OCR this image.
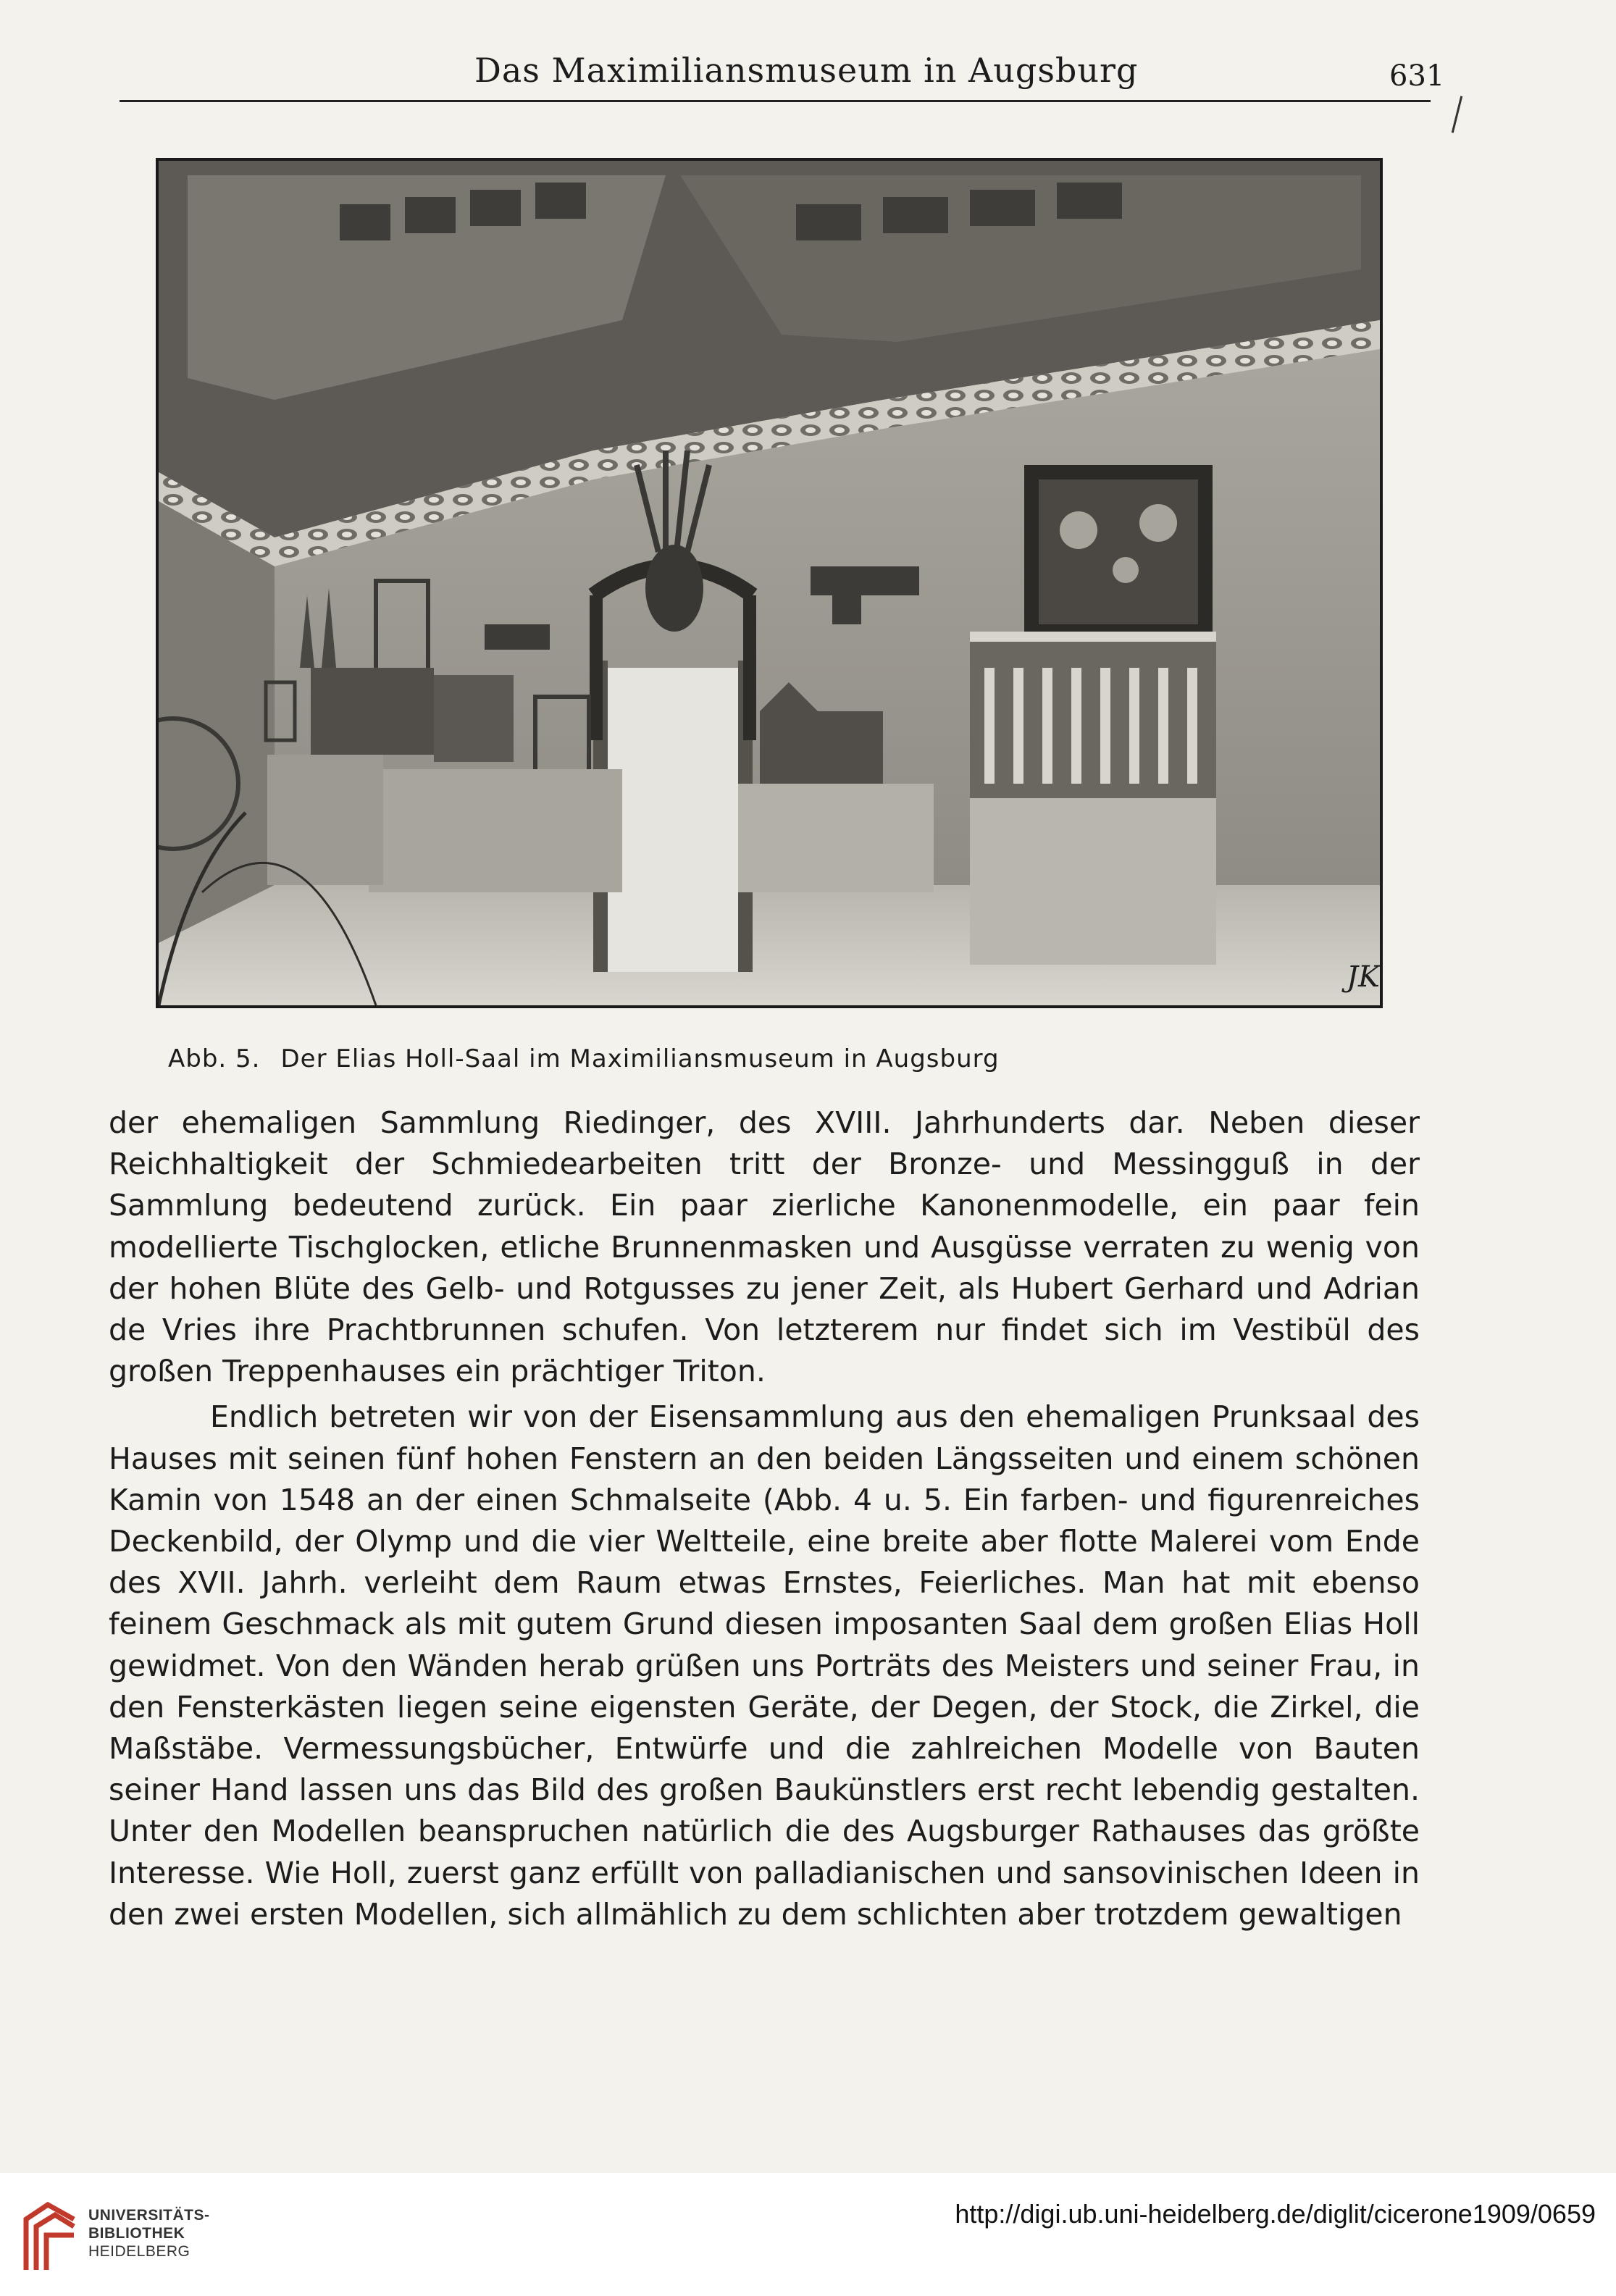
Das Maximiliansmuseum in Augsburg	631
JK
Abb. 5. Der Elias Holl-Saal im Maximiliansmuseum in Augsburg

der ehemaligen Sammlung Riedinger, des XVIII. Jahrhunderts dar. Neben dieser Reichhaltigkeit der Schmiedearbeiten tritt der Bronze- und Messingguß in der Sammlung bedeutend zurück. Ein paar zierliche Kanonenmodelle, ein paar fein modellierte Tischglocken, etliche Brunnenmasken und Ausgüsse verraten zu wenig von der hohen Blüte des Gelb- und Rotgusses zu jener Zeit, als Hubert Gerhard und Adrian de Vries ihre Prachtbrunnen schufen. Von letzterem nur findet sich im Vestibül des großen Treppenhauses ein prächtiger Triton.

Endlich betreten wir von der Eisensammlung aus den ehemaligen Prunksaal des Hauses mit seinen fünf hohen Fenstern an den beiden Längsseiten und einem schönen Kamin von 1548 an der einen Schmalseite (Abb. 4 u. 5. Ein farben- und figurenreiches Deckenbild, der Olymp und die vier Weltteile, eine breite aber flotte Malerei vom Ende des XVII. Jahrh. verleiht dem Raum etwas Ernstes, Feierliches. Man hat mit ebenso feinem Geschmack als mit gutem Grund diesen imposanten Saal dem großen Elias Holl gewidmet. Von den Wänden herab grüßen uns Porträts des Meisters und seiner Frau, in den Fensterkästen liegen seine eigensten Geräte, der Degen, der Stock, die Zirkel, die Maßstäbe. Vermessungsbücher, Entwürfe und die zahlreichen Modelle von Bauten seiner Hand lassen uns das Bild des großen Baukünstlers erst recht lebendig gestalten. Unter den Modellen beanspruchen natürlich die des Augsburger Rathauses das größte Interesse. Wie Holl, zuerst ganz erfüllt von palladianischen und sansovinischen Ideen in den zwei ersten Modellen, sich allmählich zu dem schlichten aber trotzdem gewaltigen

UNIVERSITÄTS-
BIBLIOTHEK
HEIDELBERG
http://digi.ub.uni-heidelberg.de/diglit/cicerone1909/0659
